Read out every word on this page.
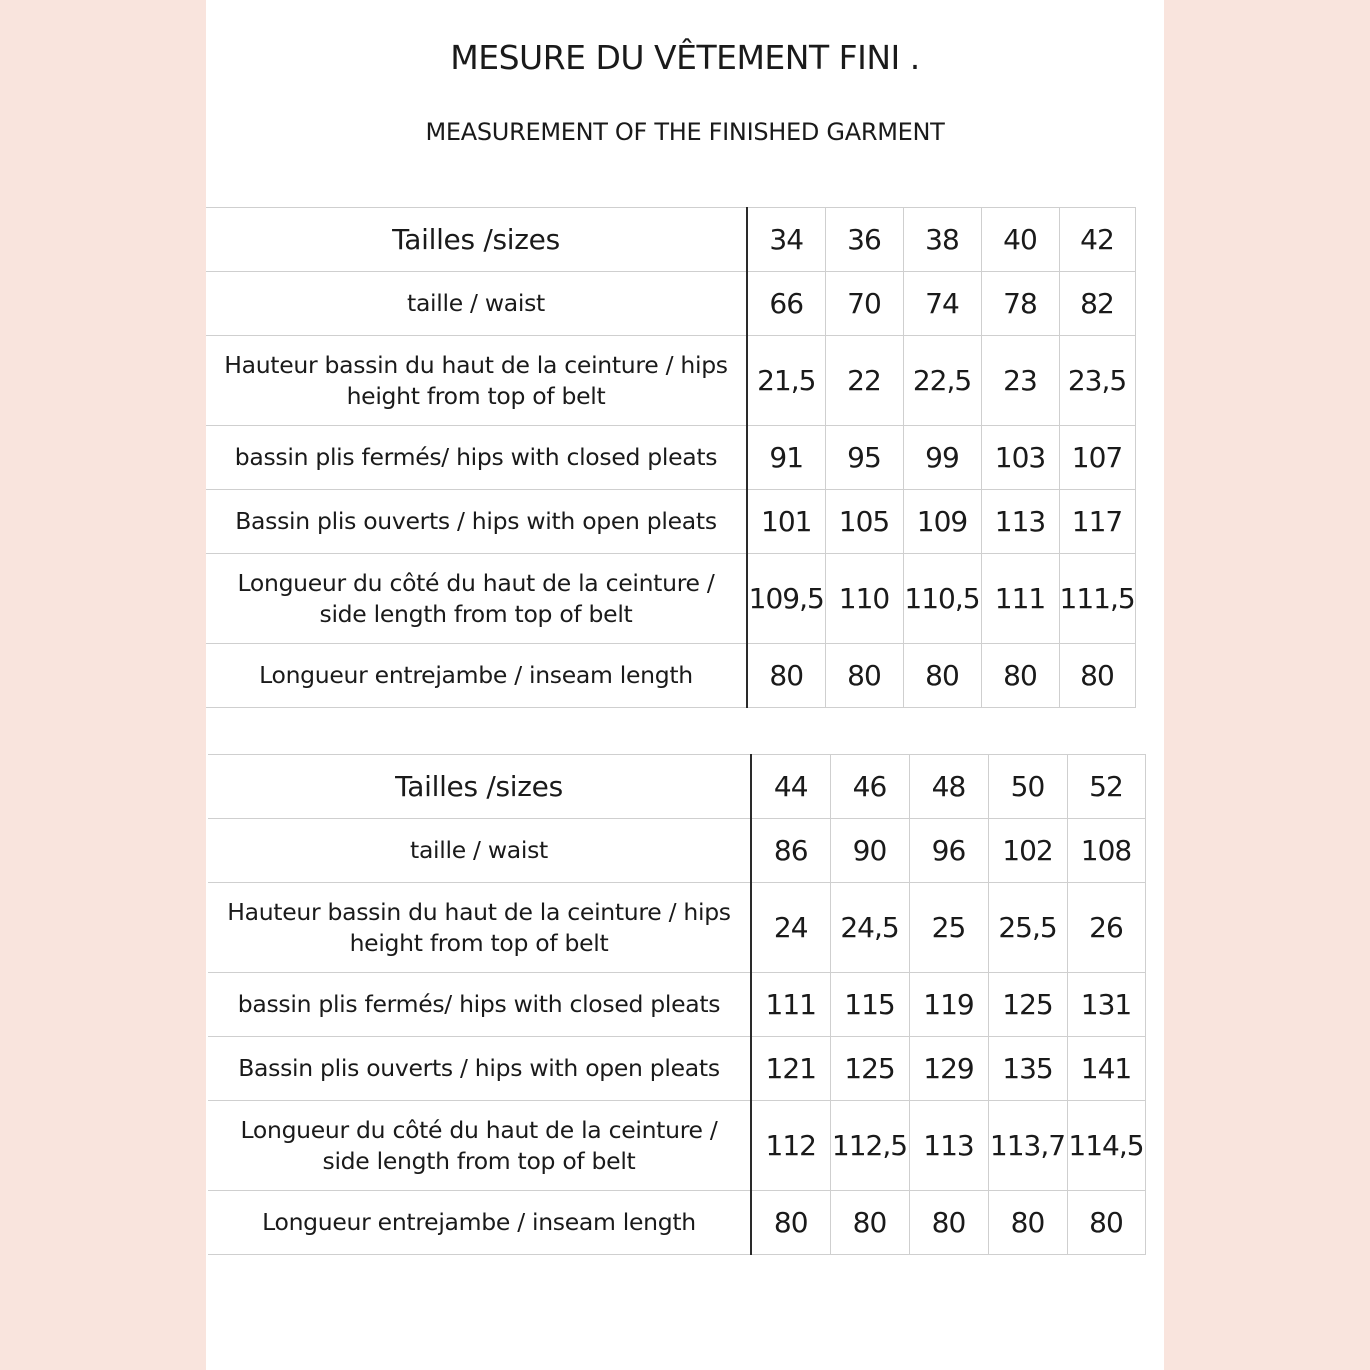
MESURE DU VÊTEMENT FINI .
MEASUREMENT OF THE FINISHED GARMENT
Tailles /sizes	34	36	38	40	42

taille / waist	66	70	74	78	82

Hauteur bassin du haut de la ceinture / hips
height from top of belt	21,5	22	22,5	23	23,5

bassin plis fermés/ hips with closed pleats	91	95	99	103	107

Bassin plis ouverts / hips with open pleats	101	105	109	113	117

Longueur du côté du haut de la ceinture /
side length from top of belt	109,5	110	110,5	111	111,5

Longueur entrejambe / inseam length	80	80	80	80	80
Tailles /sizes	44	46	48	50	52

taille / waist	86	90	96	102	108

Hauteur bassin du haut de la ceinture / hips
height from top of belt	24	24,5	25	25,5	26

bassin plis fermés/ hips with closed pleats	111	115	119	125	131

Bassin plis ouverts / hips with open pleats	121	125	129	135	141

Longueur du côté du haut de la ceinture /
side length from top of belt	112	112,5	113	113,7	114,5

Longueur entrejambe / inseam length	80	80	80	80	80
